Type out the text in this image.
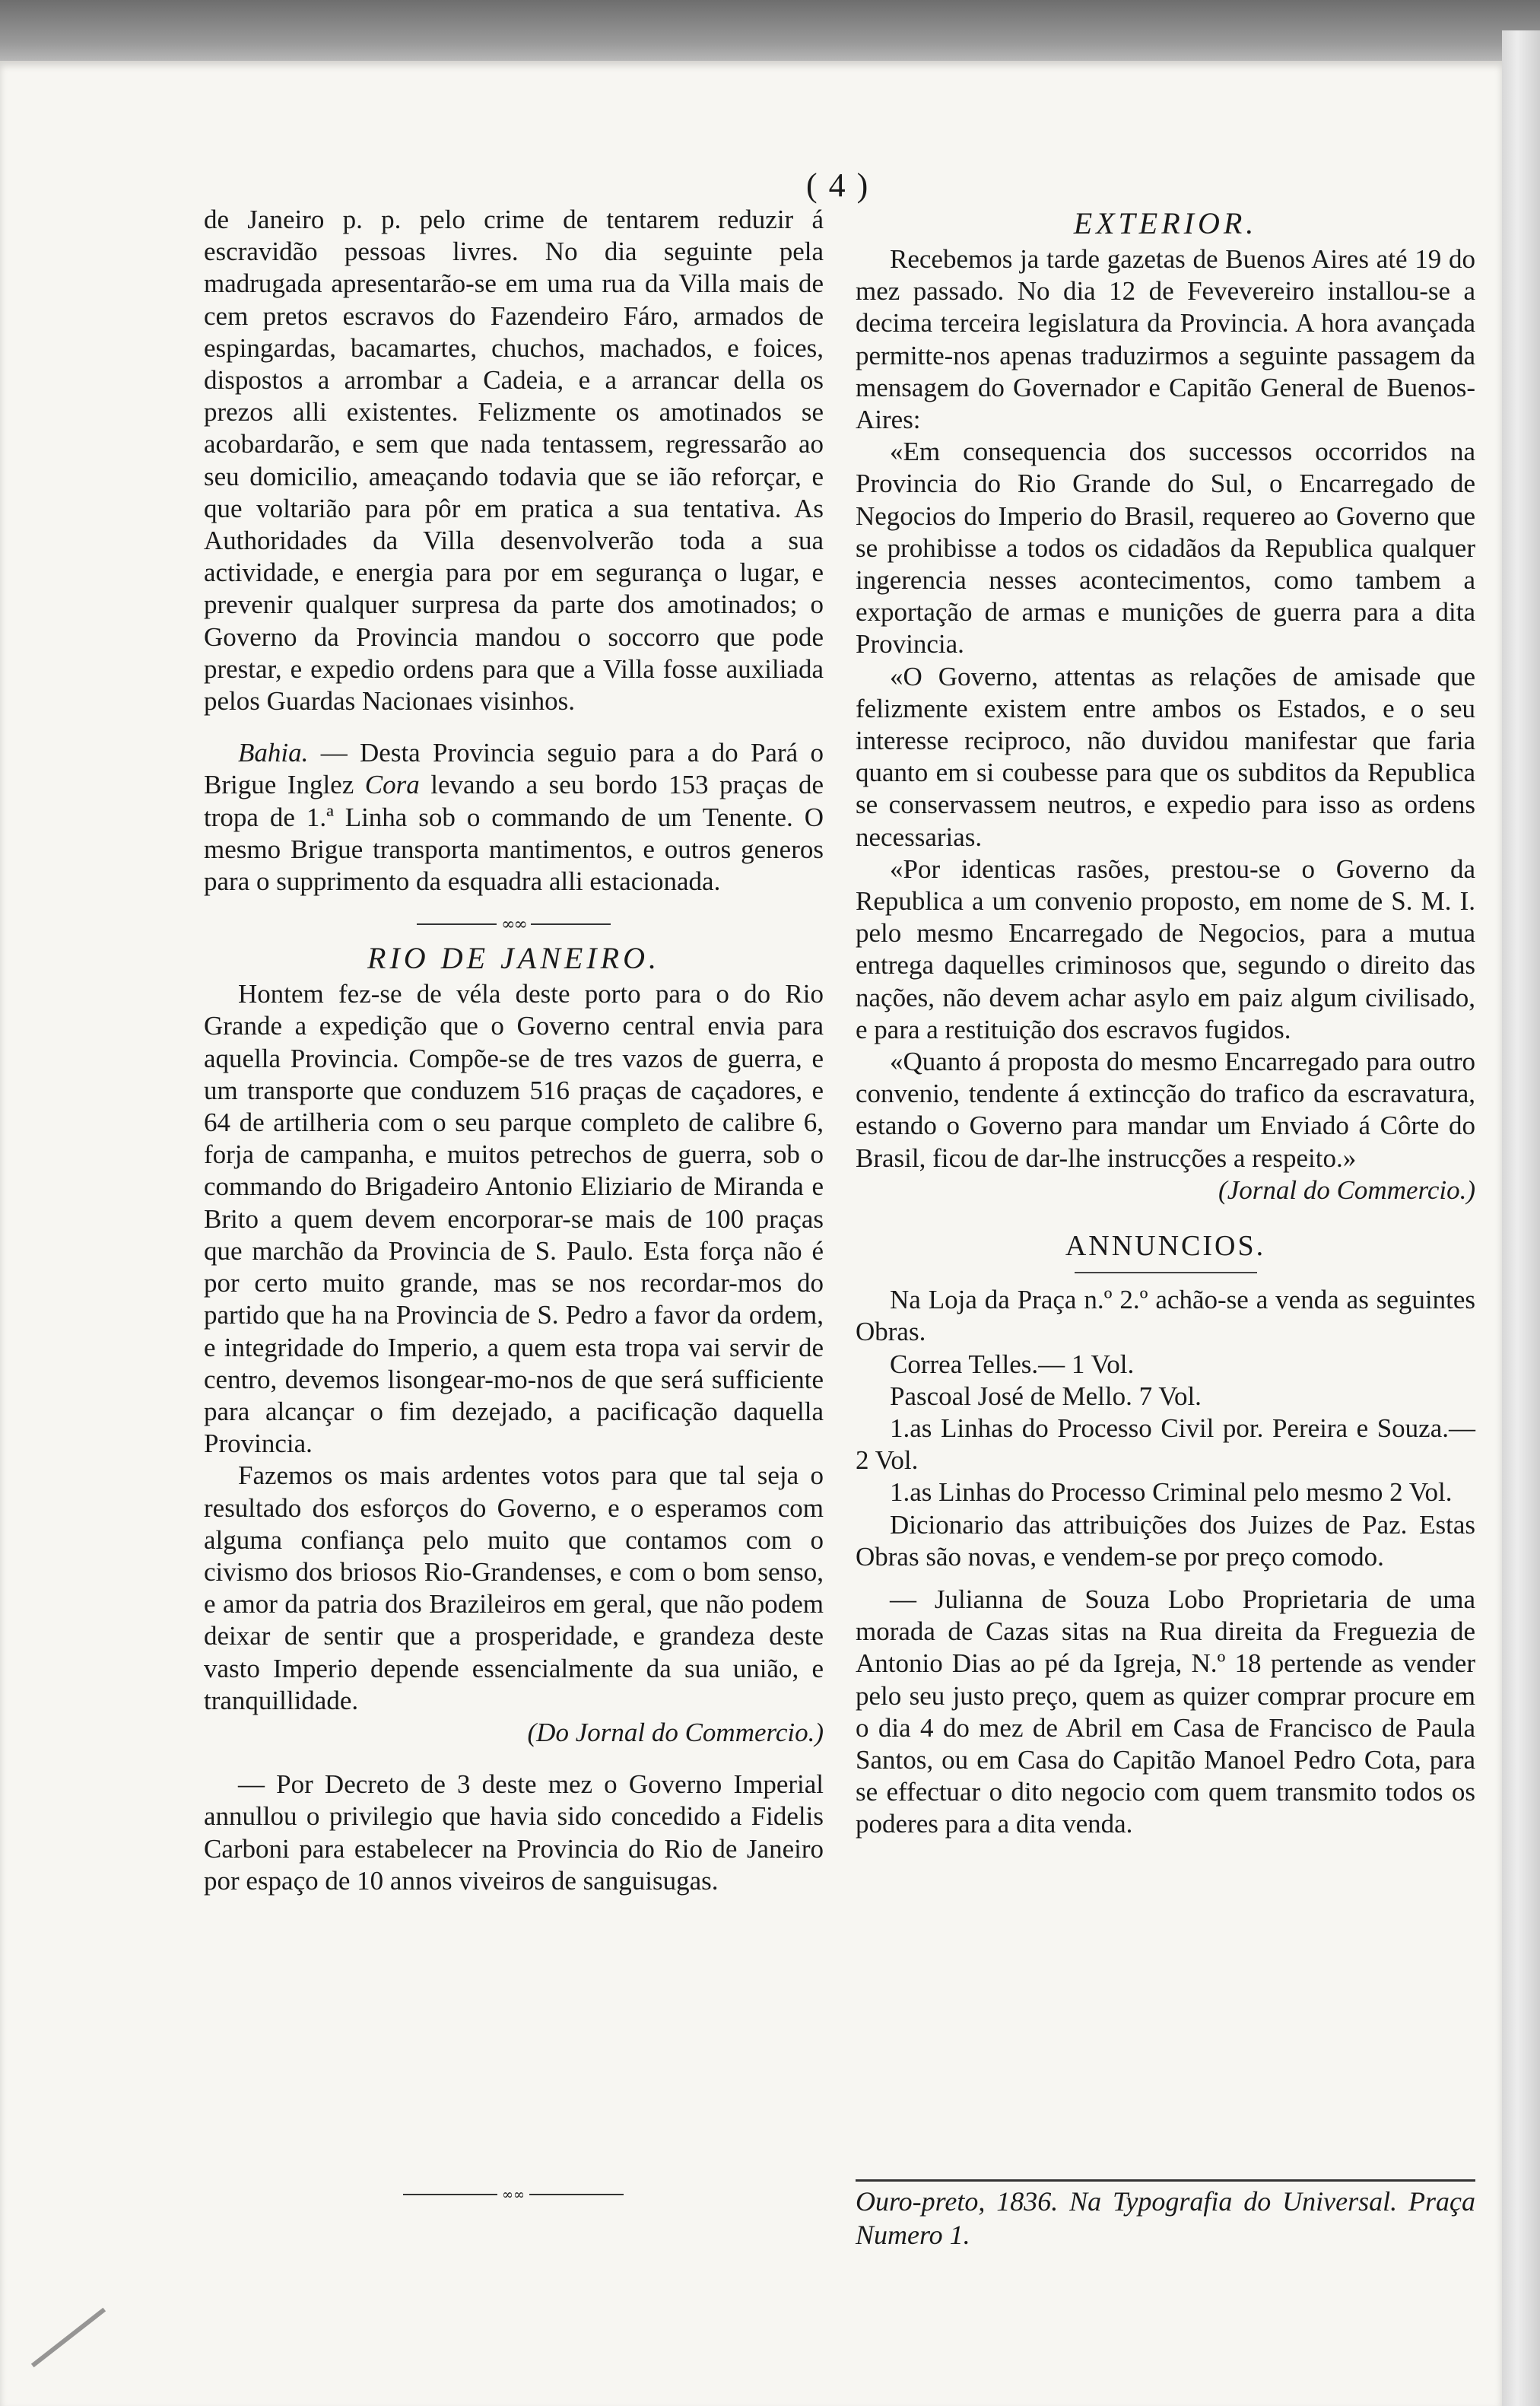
( 4 )

de Janeiro p. p. pelo crime de tentarem reduzir á escravidão pessoas livres. No dia seguinte pela madrugada apresentarão-se em uma rua da Villa mais de cem pretos escravos do Fazendeiro Fáro, armados de espingardas, bacamartes, chuchos, machados, e foices, dispostos a arrombar a Cadeia, e a arrancar della os prezos alli existentes. Felizmente os amotinados se acobardarão, e sem que nada tentassem, regressarão ao seu domicilio, ameaçando todavia que se ião reforçar, e que voltarião para pôr em pratica a sua tentativa. As Authoridades da Villa desenvolverão toda a sua actividade, e energia para por em segurança o lugar, e prevenir qualquer surpresa da parte dos amotinados; o Governo da Provincia mandou o soccorro que pode prestar, e expedio ordens para que a Villa fosse auxiliada pelos Guardas Nacionaes visinhos.

Bahia. — Desta Provincia seguio para a do Pará o Brigue Inglez Cora levando a seu bordo 153 praças de tropa de 1.ª Linha sob o commando de um Tenente. O mesmo Brigue transporta mantimentos, e outros generos para o supprimento da esquadra alli estacionada.

∞∞

RIO DE JANEIRO.

Hontem fez-se de véla deste porto para o do Rio Grande a expedição que o Governo central envia para aquella Provincia. Compõe-se de tres vazos de guerra, e um transporte que conduzem 516 praças de caçadores, e 64 de artilheria com o seu parque completo de calibre 6, forja de campanha, e muitos petrechos de guerra, sob o commando do Brigadeiro Antonio Eliziario de Miranda e Brito a quem devem encorporar-se mais de 100 praças que marchão da Provincia de S. Paulo. Esta força não é por certo muito grande, mas se nos recordar-mos do partido que ha na Provincia de S. Pedro a favor da ordem, e integridade do Imperio, a quem esta tropa vai servir de centro, devemos lisongear-mo-nos de que será sufficiente para alcançar o fim dezejado, a pacificação daquella Provincia.

Fazemos os mais ardentes votos para que tal seja o resultado dos esforços do Governo, e o esperamos com alguma confiança pelo muito que contamos com o civismo dos briosos Rio-Grandenses, e com o bom senso, e amor da patria dos Brazileiros em geral, que não podem deixar de sentir que a prosperidade, e grandeza deste vasto Imperio depende essencialmente da sua união, e tranquillidade.

(Do Jornal do Commercio.)

— Por Decreto de 3 deste mez o Governo Imperial annullou o privilegio que havia sido concedido a Fidelis Carboni para estabelecer na Provincia do Rio de Janeiro por espaço de 10 annos viveiros de sanguisugas.

∞∞

EXTERIOR.

Recebemos ja tarde gazetas de Buenos Aires até 19 do mez passado. No dia 12 de Fevevereiro installou-se a decima terceira legislatura da Provincia. A hora avançada permitte-nos apenas traduzirmos a seguinte passagem da mensagem do Governador e Capitão General de Buenos-Aires:

«Em consequencia dos successos occorridos na Provincia do Rio Grande do Sul, o Encarregado de Negocios do Imperio do Brasil, requereo ao Governo que se prohibisse a todos os cidadãos da Republica qualquer ingerencia nesses acontecimentos, como tambem a exportação de armas e munições de guerra para a dita Provincia.

«O Governo, attentas as relações de amisade que felizmente existem entre ambos os Estados, e o seu interesse reciproco, não duvidou manifestar que faria quanto em si coubesse para que os subditos da Republica se conservassem neutros, e expedio para isso as ordens necessarias.

«Por identicas rasões, prestou-se o Governo da Republica a um convenio proposto, em nome de S. M. I. pelo mesmo Encarregado de Negocios, para a mutua entrega daquelles criminosos que, segundo o direito das nações, não devem achar asylo em paiz algum civilisado, e para a restituição dos escravos fugidos.

«Quanto á proposta do mesmo Encarregado para outro convenio, tendente á extincção do trafico da escravatura, estando o Governo para mandar um Enviado á Côrte do Brasil, ficou de dar-lhe instrucções a respeito.»

(Jornal do Commercio.)

ANNUNCIOS.

Na Loja da Praça n.º 2.º achão-se a venda as seguintes Obras.

Correa Telles.— 1 Vol.

Pascoal José de Mello. 7 Vol.

1.as Linhas do Processo Civil por. Pereira e Souza.— 2 Vol.

1.as Linhas do Processo Criminal pelo mesmo 2 Vol.

Dicionario das attribuições dos Juizes de Paz. Estas Obras são novas, e vendem-se por preço comodo.

— Julianna de Souza Lobo Proprietaria de uma morada de Cazas sitas na Rua direita da Freguezia de Antonio Dias ao pé da Igreja, N.º 18 pertende as vender pelo seu justo preço, quem as quizer comprar procure em o dia 4 do mez de Abril em Casa de Francisco de Paula Santos, ou em Casa do Capitão Manoel Pedro Cota, para se effectuar o dito negocio com quem transmito todos os poderes para a dita venda.

Ouro-preto, 1836. Na Typografia do Universal. Praça Numero 1.
